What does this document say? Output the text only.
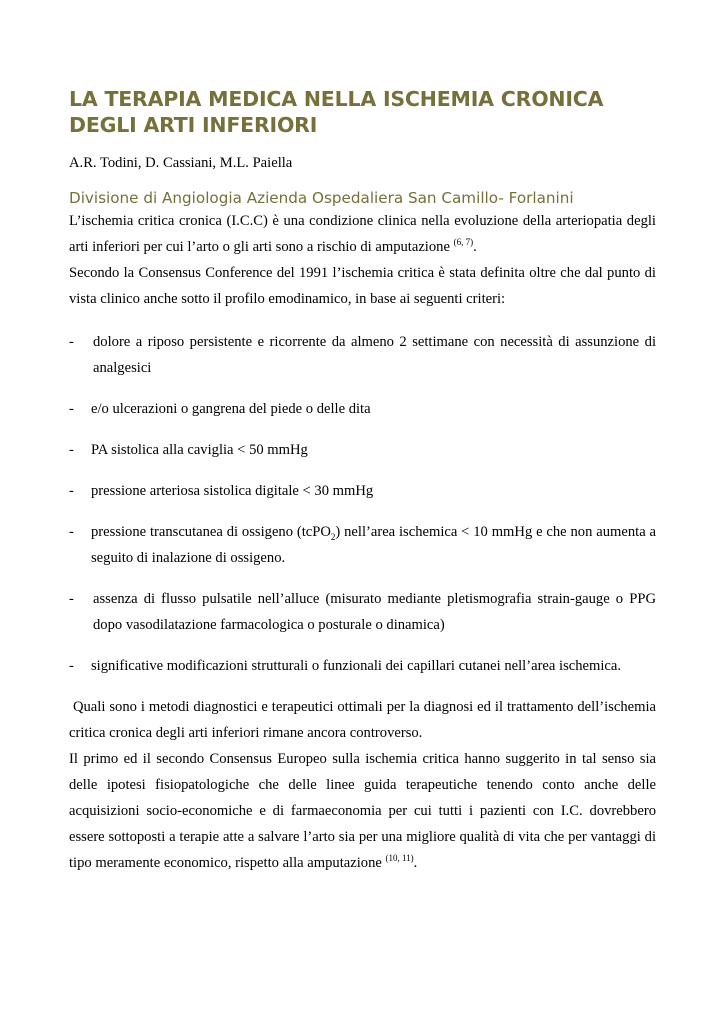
LA TERAPIA MEDICA NELLA ISCHEMIA CRONICA DEGLI ARTI INFERIORI
A.R. Todini, D. Cassiani, M.L. Paiella
Divisione di Angiologia Azienda Ospedaliera San Camillo- Forlanini

L’ischemia critica cronica (I.C.C) è una condizione clinica nella evoluzione della arteriopatia degli arti inferiori per cui l’arto o gli arti sono a rischio di amputazione $^{(6, 7)}$.

Secondo la Consensus Conference del 1991 l’ischemia critica è stata definita oltre che dal punto di vista clinico anche sotto il profilo emodinamico, in base ai seguenti criteri:

- dolore a riposo persistente e ricorrente da almeno 2 settimane con necessità di assunzione di analgesici
- e/o ulcerazioni o gangrena del piede o delle dita
- PA sistolica alla caviglia < 50 mmHg
- pressione arteriosa sistolica digitale < 30 mmHg
- pressione transcutanea di ossigeno (tcPO$_2$) nell’area ischemica < 10 mmHg e che non aumenta a seguito di inalazione di ossigeno.
- assenza di flusso pulsatile nell’alluce (misurato mediante pletismografia strain-gauge o PPG dopo vasodilatazione farmacologica o posturale o dinamica)
- significative modificazioni strutturali o funzionali dei capillari cutanei nell’area ischemica.

Quali sono i metodi diagnostici e terapeutici ottimali per la diagnosi ed il trattamento dell’ischemia critica cronica degli arti inferiori rimane ancora controverso.

Il primo ed il secondo Consensus Europeo sulla ischemia critica hanno suggerito in tal senso sia delle ipotesi fisiopatologiche che delle linee guida terapeutiche tenendo conto anche delle acquisizioni socio-economiche e di farmaeconomia per cui tutti i pazienti con I.C. dovrebbero essere sottoposti a terapie atte a salvare l’arto sia per una migliore qualità di vita che per vantaggi di tipo meramente economico, rispetto alla amputazione $^{(10, 11)}$.
